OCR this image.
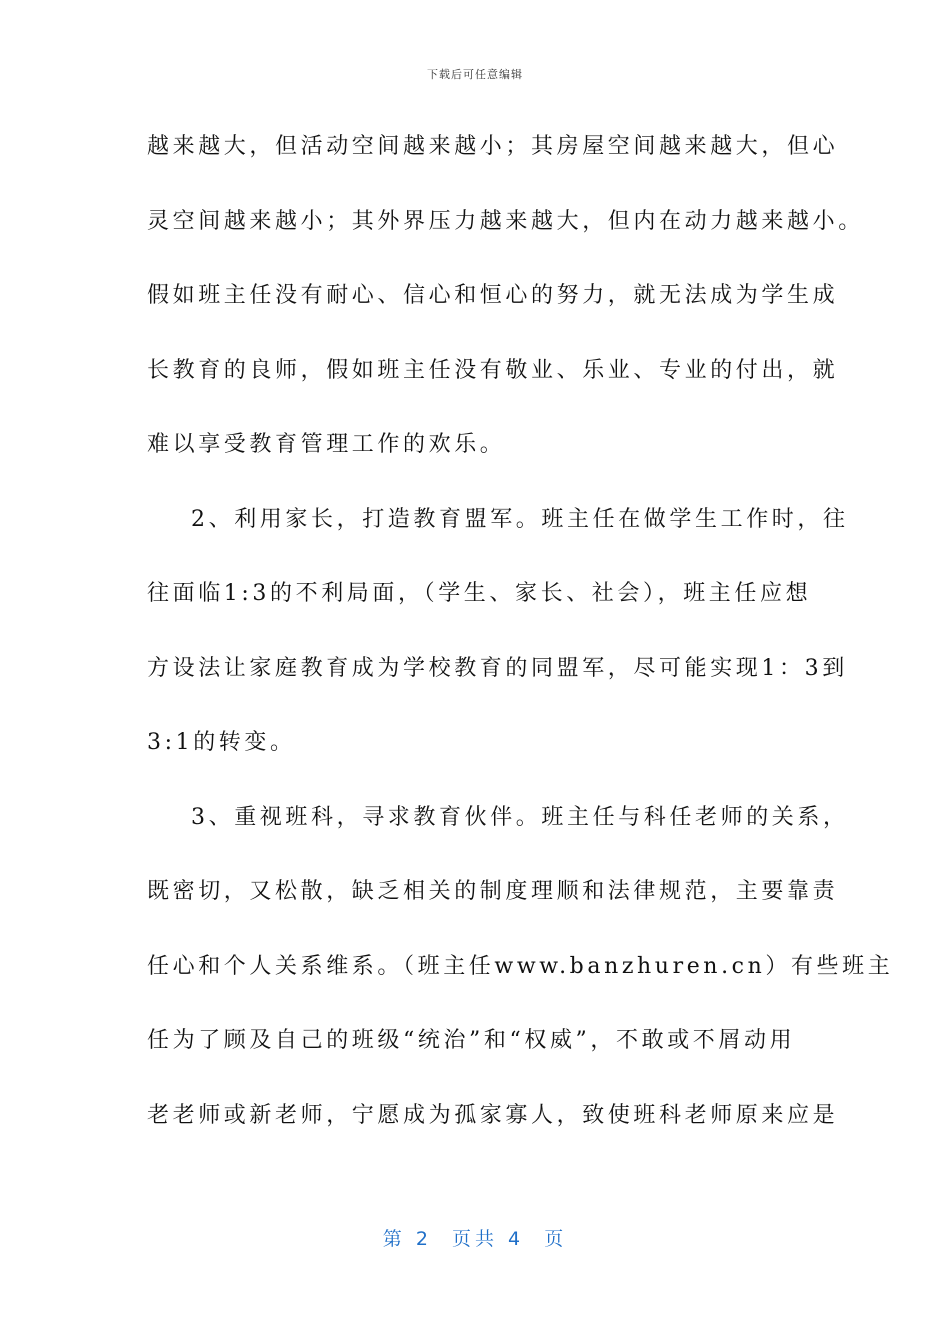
下载后可任意编辑
越来越大，但活动空间越来越小；其房屋空间越来越大，但心
灵空间越来越小；其外界压力越来越大，但内在动力越来越小。
假如班主任没有耐心、信心和恒心的努力，就无法成为学生成
长教育的良师，假如班主任没有敬业、乐业、专业的付出，就
难以享受教育管理工作的欢乐。
2、利用家长，打造教育盟军。班主任在做学生工作时，往
往面临1:3的不利局面，（学生、家长、社会），班主任应想
方设法让家庭教育成为学校教育的同盟军，尽可能实现1：3到
3:1的转变。
3、重视班科，寻求教育伙伴。班主任与科任老师的关系，
既密切，又松散，缺乏相关的制度理顺和法律规范，主要靠责
任心和个人关系维系。（班主任www.banzhuren.cn）有些班主
任为了顾及自己的班级“统治”和“权威”，不敢或不屑动用
老老师或新老师，宁愿成为孤家寡人，致使班科老师原来应是
第 2  页共 4  页
